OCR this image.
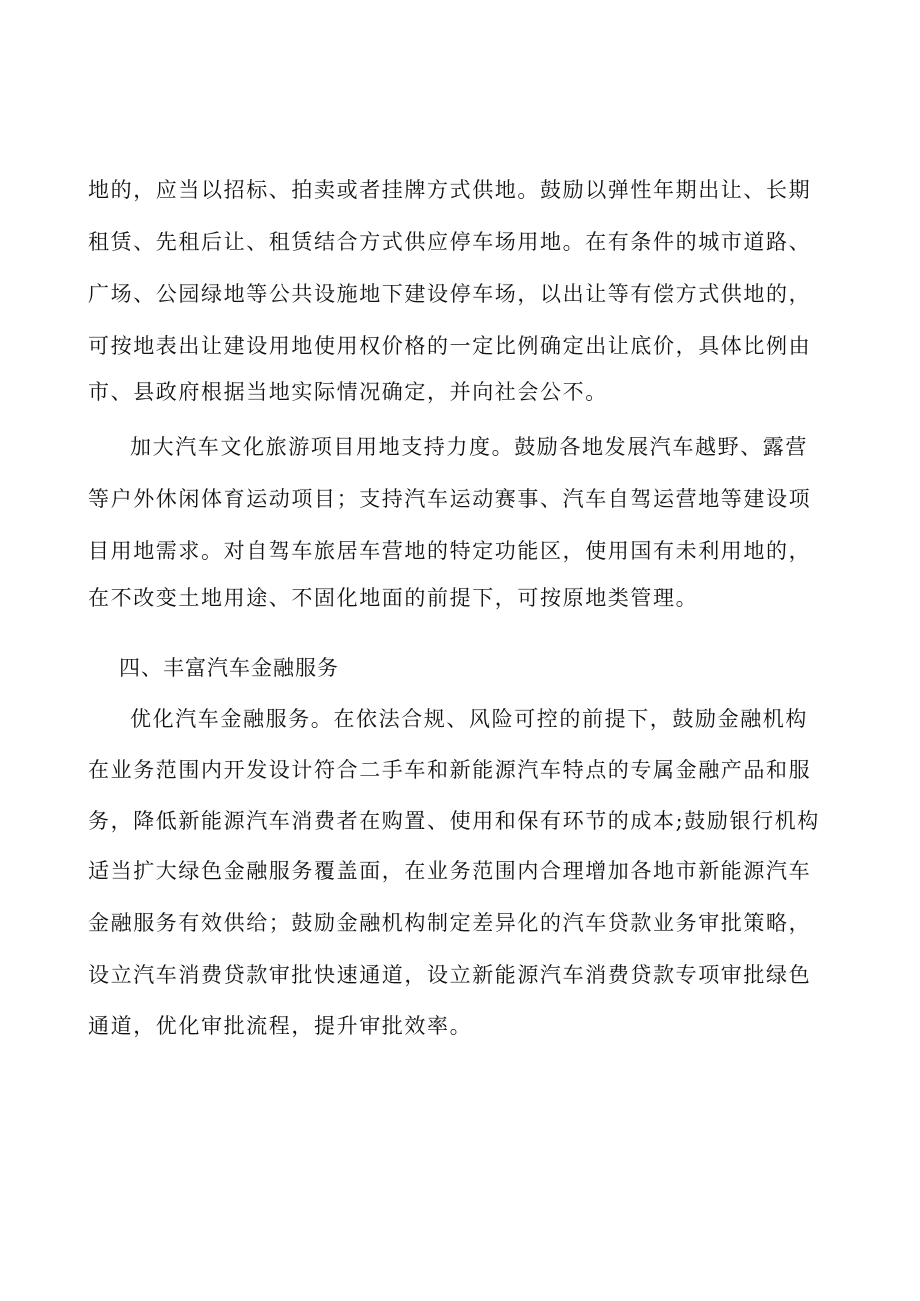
地的，应当以招标、拍卖或者挂牌方式供地。鼓励以弹性年期出让、长期
租赁、先租后让、租赁结合方式供应停车场用地。在有条件的城市道路、
广场、公园绿地等公共设施地下建设停车场，以出让等有偿方式供地的，
可按地表出让建设用地使用权价格的一定比例确定出让底价，具体比例由
市、县政府根据当地实际情况确定，并向社会公不。
加大汽车文化旅游项目用地支持力度。鼓励各地发展汽车越野、露营
等户外休闲体育运动项目；支持汽车运动赛事、汽车自驾运营地等建设项
目用地需求。对自驾车旅居车营地的特定功能区，使用国有未利用地的，
在不改变土地用途、不固化地面的前提下，可按原地类管理。
四、丰富汽车金融服务
优化汽车金融服务。在依法合规、风险可控的前提下，鼓励金融机构
在业务范围内开发设计符合二手车和新能源汽车特点的专属金融产品和服
务，降低新能源汽车消费者在购置、使用和保有环节的成本;鼓励银行机构
适当扩大绿色金融服务覆盖面，在业务范围内合理增加各地市新能源汽车
金融服务有效供给；鼓励金融机构制定差异化的汽车贷款业务审批策略，
设立汽车消费贷款审批快速通道，设立新能源汽车消费贷款专项审批绿色
通道，优化审批流程，提升审批效率。
